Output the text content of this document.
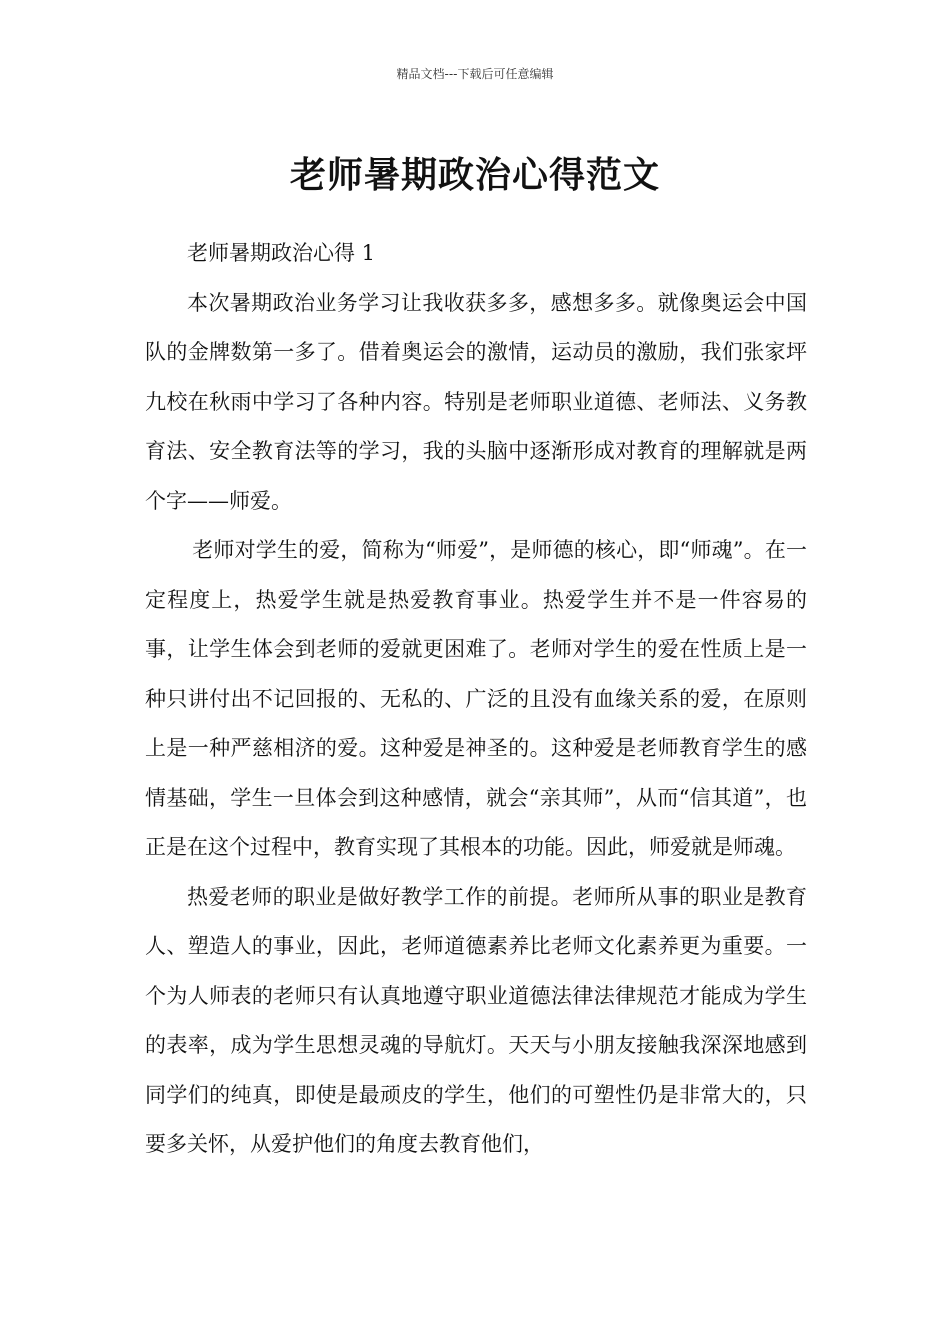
精品文档---下载后可任意编辑
老师暑期政治心得范文

老师暑期政治心得 1

本次暑期政治业务学习让我收获多多，感想多多。就像奥运会中国队的金牌数第一多了。借着奥运会的激情，运动员的激励，我们张家坪九校在秋雨中学习了各种内容。特别是老师职业道德、老师法、义务教育法、安全教育法等的学习，我的头脑中逐渐形成对教育的理解就是两个字——师爱。

老师对学生的爱，简称为“师爱”，是师德的核心，即“师魂”。在一定程度上，热爱学生就是热爱教育事业。热爱学生并不是一件容易的事，让学生体会到老师的爱就更困难了。老师对学生的爱在性质上是一种只讲付出不记回报的、无私的、广泛的且没有血缘关系的爱，在原则上是一种严慈相济的爱。这种爱是神圣的。这种爱是老师教育学生的感情基础，学生一旦体会到这种感情，就会“亲其师”，从而“信其道”，也正是在这个过程中，教育实现了其根本的功能。因此，师爱就是师魂。

热爱老师的职业是做好教学工作的前提。老师所从事的职业是教育人、塑造人的事业，因此，老师道德素养比老师文化素养更为重要。一个为人师表的老师只有认真地遵守职业道德法律法律规范才能成为学生的表率，成为学生思想灵魂的导航灯。天天与小朋友接触我深深地感到同学们的纯真，即使是最顽皮的学生，他们的可塑性仍是非常大的，只要多关怀，从爱护他们的角度去教育他们，
